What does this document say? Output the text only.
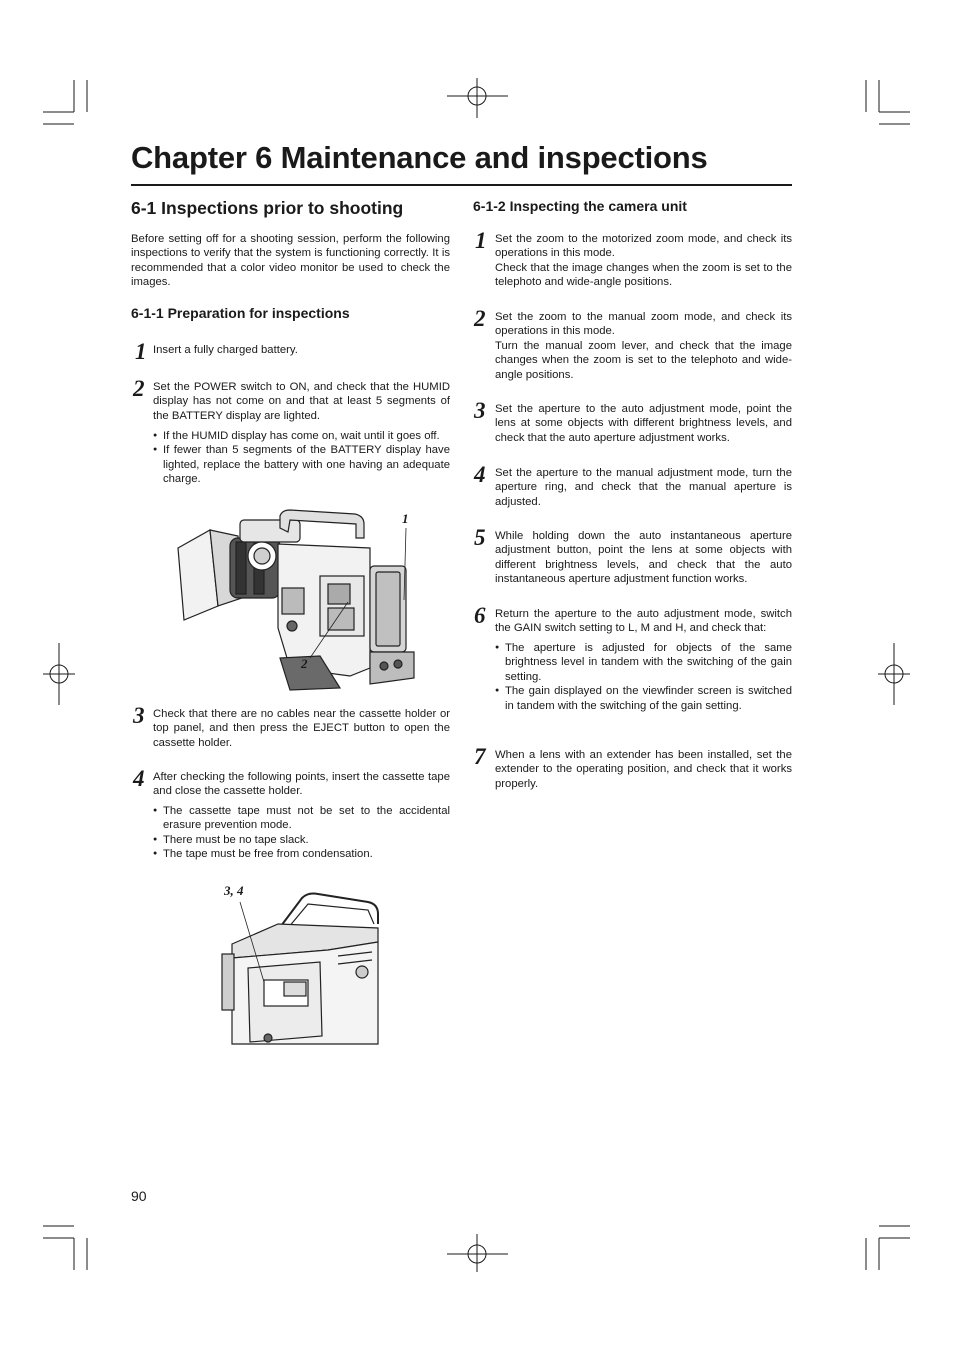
Chapter 6 Maintenance and inspections
6-1 Inspections prior to shooting
Before setting off for a shooting session, perform the following inspections to verify that the system is functioning correctly. It is recommended that a color video monitor be used to check the images.
6-1-1 Preparation for inspections
1 Insert a fully charged battery.
2 Set the POWER switch to ON, and check that the HUMID display has not come on and that at least 5 segments of the BATTERY display are lighted.
● If the HUMID display has come on, wait until it goes off.
● If fewer than 5 segments of the BATTERY display have lighted, replace the battery with one having an adequate charge.
1
2
3 Check that there are no cables near the cassette holder or top panel, and then press the EJECT button to open the cassette holder.
4 After checking the following points, insert the cassette tape and close the cassette holder.
● The cassette tape must not be set to the accidental erasure prevention mode.
● There must be no tape slack.
● The tape must be free from condensation.
3, 4
6-1-2 Inspecting the camera unit
1 Set the zoom to the motorized zoom mode, and check its operations in this mode.
Check that the image changes when the zoom is set to the telephoto and wide-angle positions.
2 Set the zoom to the manual zoom mode, and check its operations in this mode.
Turn the manual zoom lever, and check that the image changes when the zoom is set to the telephoto and wide-angle positions.
3 Set the aperture to the auto adjustment mode, point the lens at some objects with different brightness levels, and check that the auto aperture adjustment works.
4 Set the aperture to the manual adjustment mode, turn the aperture ring, and check that the manual aperture is adjusted.
5 While holding down the auto instantaneous aperture adjustment button, point the lens at some objects with different brightness levels, and check that the auto instantaneous aperture adjustment function works.
6 Return the aperture to the auto adjustment mode, switch the GAIN switch setting to L, M and H, and check that:
● The aperture is adjusted for objects of the same brightness level in tandem with the switching of the gain setting.
● The gain displayed on the viewfinder screen is switched in tandem with the switching of the gain setting.
7 When a lens with an extender has been installed, set the extender to the operating position, and check that it works properly.
90
